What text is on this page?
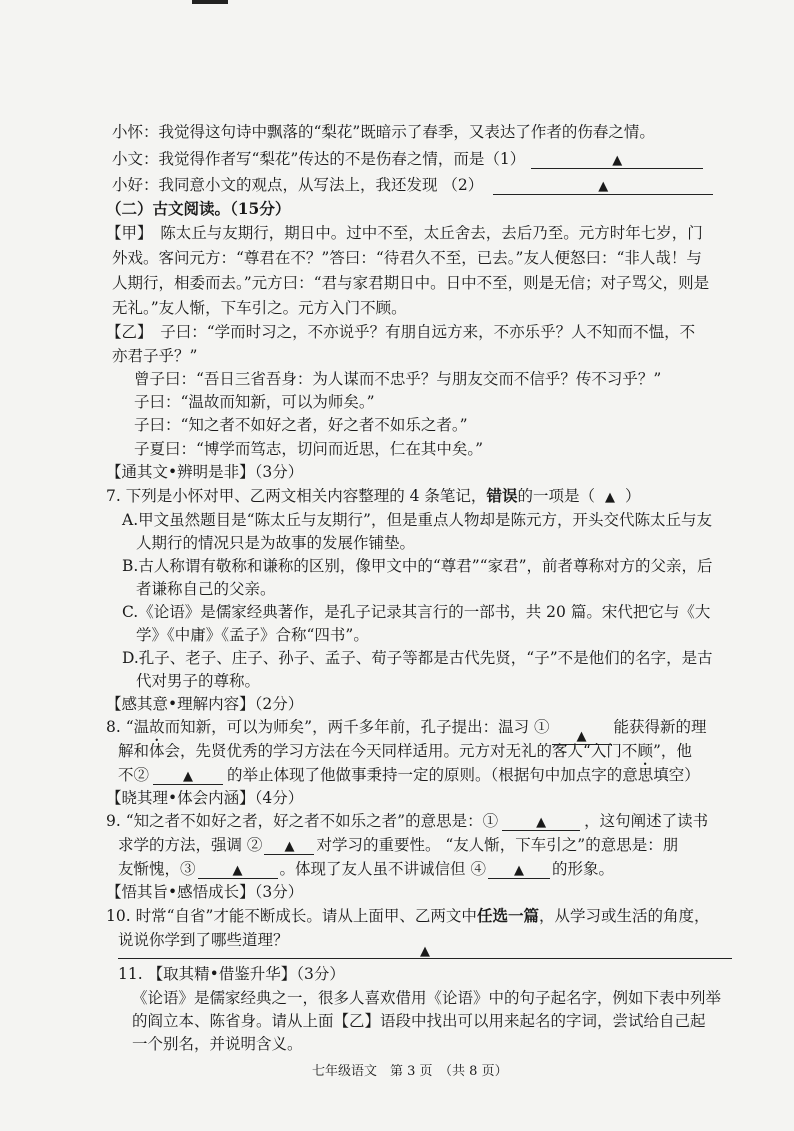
小怀：我觉得这句诗中飘落的“梨花”既暗示了春季，又表达了作者的伤春之情。
小文：我觉得作者写“梨花”传达的不是伤春之情，而是（1）	▲
小好：我同意小文的观点，从写法上，我还发现 （2）	▲
（二）古文阅读。（15分）
【甲】　陈太丘与友期行，期日中。过中不至，太丘舍去，去后乃至。元方时年七岁，门
外戏。客问元方：“尊君在不？”答曰：“待君久不至，已去。”友人便怒曰：“非人哉！与
人期行，相委而去。”元方曰：“君与家君期日中。日中不至，则是无信；对子骂父，则是
无礼。”友人惭，下车引之。元方入门不顾。
【乙】　子曰：“学而时习之，不亦说乎？有朋自远方来，不亦乐乎？人不知而不愠，不
亦君子乎？”
曾子曰：“吾日三省吾身：为人谋而不忠乎？与朋友交而不信乎？传不习乎？”
子曰：“温故而知新，可以为师矣。”
子曰：“知之者不如好之者，好之者不如乐之者。”
子夏曰：“博学而笃志，切问而近思，仁在其中矣。”
【通其文•辨明是非】（3分）
7. 下列是小怀对甲、乙两文相关内容整理的 4 条笔记，错误的一项是（ ▲ ）
A.甲文虽然题目是“陈太丘与友期行”，但是重点人物却是陈元方，开头交代陈太丘与友
人期行的情况只是为故事的发展作铺垫。
B.古人称谓有敬称和谦称的区别，像甲文中的“尊君”“家君”，前者尊称对方的父亲，后
者谦称自己的父亲。
C.《论语》是儒家经典著作，是孔子记录其言行的一部书，共 20 篇。宋代把它与《大
学》《中庸》《孟子》合称“四书”。
D.孔子、老子、庄子、孙子、孟子、荀子等都是古代先贤，“子”不是他们的名字，是古
代对男子的尊称。
【感其意•理解内容】（2分）
8. “温故而知新，可以为师矣”，两千多年前，孔子提出：温习 ①▲能获得新的理
解和体会，先贤优秀的学习方法在今天同样适用。元方对无礼的客人“入门不顾”，他
不②	▲ 的举止体现了他做事秉持一定的原则。（根据句中加点字的意思填空）
【晓其理•体会内涵】（4分）
9. “知之者不如好之者，好之者不如乐之者”的意思是：①	▲ ，这句阐述了读书
求学的方法，强调 ② ▲ 对学习的重要性。 “友人惭，下车引之”的意思是：朋
友惭愧，③	▲ 。体现了友人虽不讲诚信但 ④ ▲ 的形象。
【悟其旨•感悟成长】（3分）
10. 时常“自省”才能不断成长。请从上面甲、乙两文中任选一篇，从学习或生活的角度，
说说你学到了哪些道理？
▲
11. 【取其精•借鉴升华】（3分）
《论语》是儒家经典之一，很多人喜欢借用《论语》中的句子起名字，例如下表中列举
的阎立本、陈省身。请从上面【乙】语段中找出可以用来起名的字词，尝试给自己起
一个别名，并说明含义。
七年级语文　第 3 页　（共 8 页）
